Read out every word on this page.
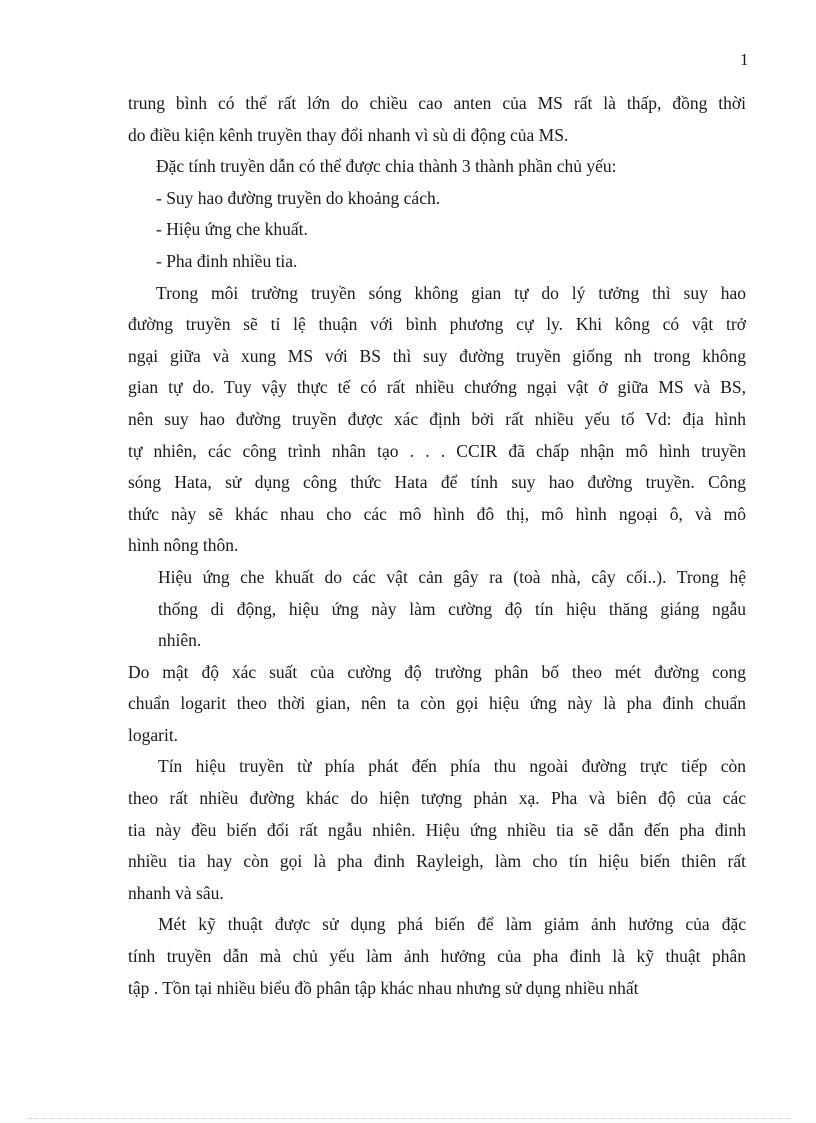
1
trung bình có thể rất lớn do chiều cao anten của MS rất là thấp, đồng thời
do điều kiện kênh truyền thay đổi nhanh vì sù di động của MS.
Đặc tính truyền dẫn có thể được chia thành 3 thành phần chủ yếu:
- Suy hao đường truyền do khoảng cách.
- Hiệu ứng che khuất.
- Pha đinh nhiều tia.
Trong môi trường truyền sóng không gian tự do lý tưởng thì suy hao
đường truyền sẽ tỉ lệ thuận với bình phương cự ly. Khi kông có vật trở
ngại giữa và xung MS với BS thì suy đường truyền giống nh trong không
gian tự do. Tuy vậy thực tế có rất nhiều chướng ngại vật ở giữa MS và BS,
nên suy hao đường truyền được xác định bởi rất nhiều yếu tố Vd: địa hình
tự nhiên, các công trình nhân tạo . . . CCIR đã chấp nhận mô hình truyền
sóng Hata, sử dụng công thức Hata để tính suy hao đường truyền. Công
thức này sẽ khác nhau cho các mô hình đô thị, mô hình ngoại ô, và mô
hình nông thôn.
Hiệu ứng che khuất do các vật cản gây ra (toà nhà, cây cối..). Trong hệ
thống di động, hiệu ứng này làm cường độ tín hiệu thăng giáng ngẫu
nhiên.
Do mật độ xác suất của cường độ trường phân bố theo mét đường cong
chuẩn logarit theo thời gian, nên ta còn gọi hiệu ứng này là pha đinh chuẩn
logarit.
Tín hiệu truyền từ phía phát đến phía thu ngoài đường trực tiếp còn
theo rất nhiều đường khác do hiện tượng phản xạ. Pha và biên độ của các
tia này đều biến đổi rất ngẫu nhiên. Hiệu ứng nhiều tia sẽ dẫn đến pha đinh
nhiều tia hay còn gọi là pha đinh Rayleigh, làm cho tín hiệu biến thiên rất
nhanh và sâu.
Mét kỹ thuật được sử dụng phá biến để làm giảm ảnh hưởng của đặc
tính truyền dẫn mà chủ yếu làm ảnh hưởng của pha đinh là kỹ thuật phân
tập . Tồn tại nhiều biểu đồ phân tập khác nhau nhưng sử dụng nhiều nhất
